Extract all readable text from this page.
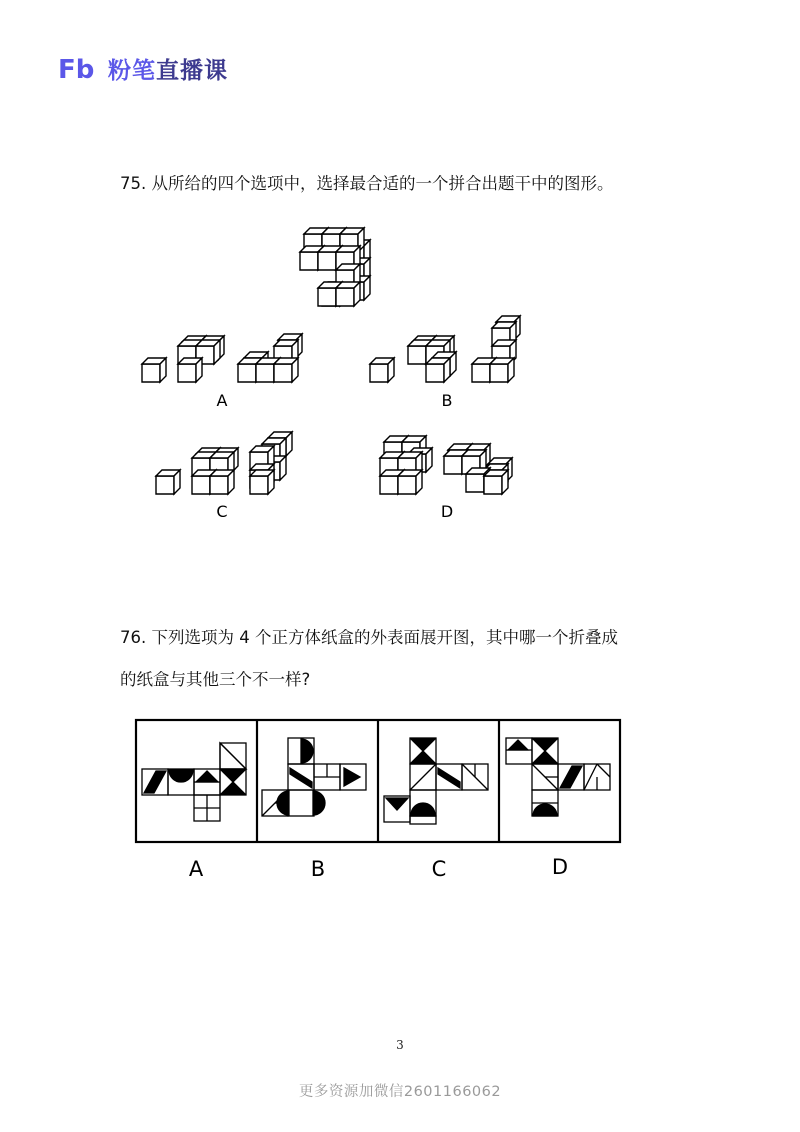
Fb 粉笔直播课
75. 从所给的四个选项中，选择最合适的一个拼合出题干中的图形。
A	B
C	D
76. 下列选项为 4 个正方体纸盒的外表面展开图，其中哪一个折叠成
的纸盒与其他三个不一样?
A	B	C	D
3
更多资源加微信2601166062
